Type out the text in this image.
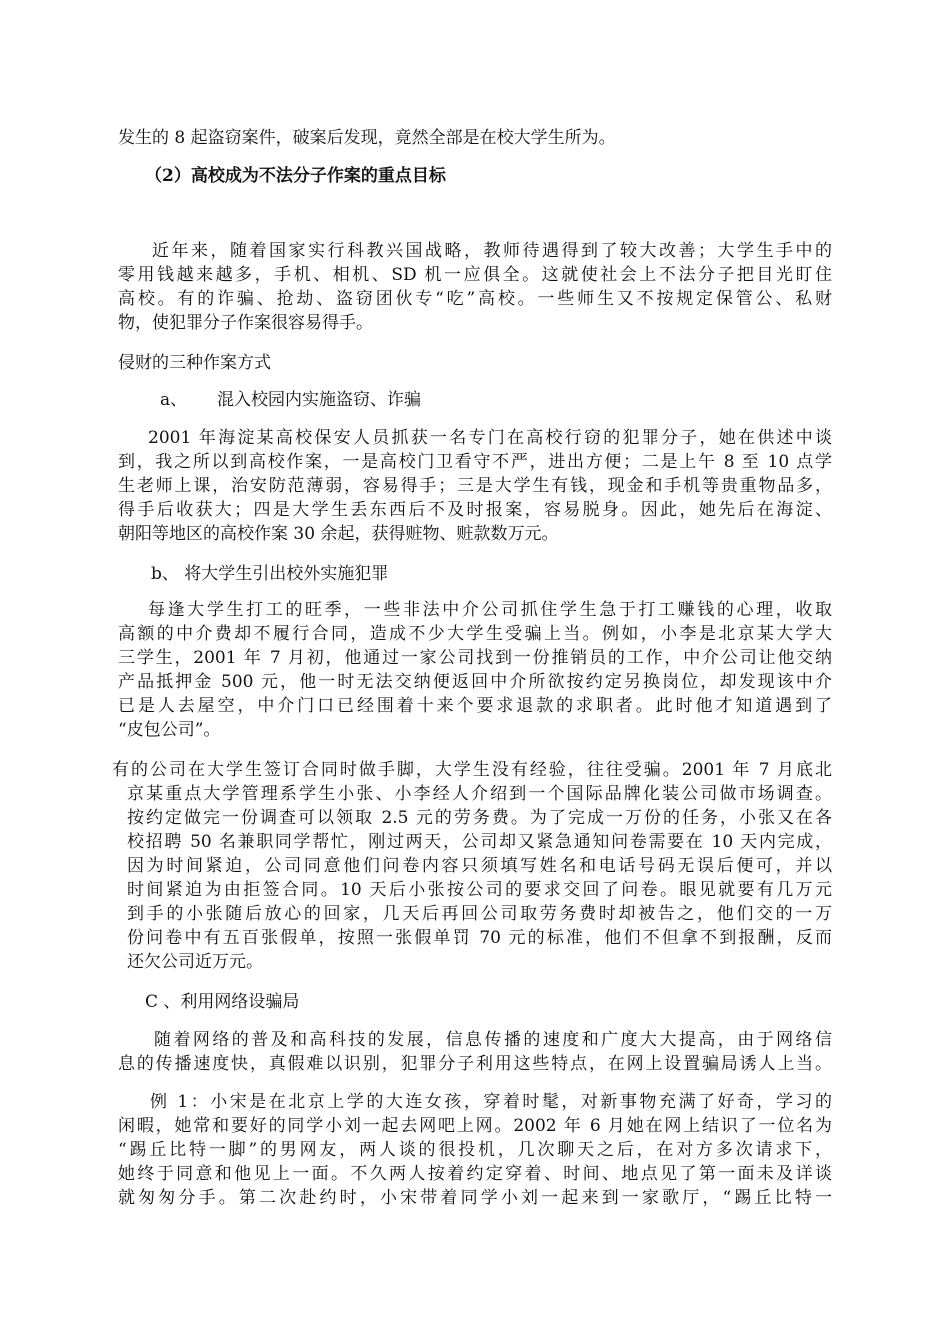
发生的 8 起盗窃案件，破案后发现，竟然全部是在校大学生所为。
（2）高校成为不法分子作案的重点目标
近年来，随着国家实行科教兴国战略，教师待遇得到了较大改善；大学生手中的
零用钱越来越多，手机、相机、SD 机一应俱全。这就使社会上不法分子把目光盯住
高校。有的诈骗、抢劫、盗窃团伙专“吃”高校。一些师生又不按规定保管公、私财
物，使犯罪分子作案很容易得手。
侵财的三种作案方式
a、 混入校园内实施盗窃、诈骗
2001 年海淀某高校保安人员抓获一名专门在高校行窃的犯罪分子，她在供述中谈
到，我之所以到高校作案，一是高校门卫看守不严，进出方便；二是上午 8 至 10 点学
生老师上课，治安防范薄弱，容易得手；三是大学生有钱，现金和手机等贵重物品多，
得手后收获大；四是大学生丢东西后不及时报案，容易脱身。因此，她先后在海淀、
朝阳等地区的高校作案 30 余起，获得赃物、赃款数万元。
b、 将大学生引出校外实施犯罪
每逢大学生打工的旺季，一些非法中介公司抓住学生急于打工赚钱的心理，收取
高额的中介费却不履行合同，造成不少大学生受骗上当。例如，小李是北京某大学大
三学生，2001 年 7 月初，他通过一家公司找到一份推销员的工作，中介公司让他交纳
产品抵押金 500 元，他一时无法交纳便返回中介所欲按约定另换岗位，却发现该中介
已是人去屋空，中介门口已经围着十来个要求退款的求职者。此时他才知道遇到了
“皮包公司”。
有的公司在大学生签订合同时做手脚，大学生没有经验，往往受骗。2001 年 7 月底北
京某重点大学管理系学生小张、小李经人介绍到一个国际品牌化装公司做市场调查。
按约定做完一份调查可以领取 2.5 元的劳务费。为了完成一万份的任务，小张又在各
校招聘 50 名兼职同学帮忙，刚过两天，公司却又紧急通知问卷需要在 10 天内完成，
因为时间紧迫，公司同意他们问卷内容只须填写姓名和电话号码无误后便可，并以
时间紧迫为由拒签合同。10 天后小张按公司的要求交回了问卷。眼见就要有几万元
到手的小张随后放心的回家，几天后再回公司取劳务费时却被告之，他们交的一万
份问卷中有五百张假单，按照一张假单罚 70 元的标准，他们不但拿不到报酬，反而
还欠公司近万元。
C 、利用网络设骗局
随着网络的普及和高科技的发展，信息传播的速度和广度大大提高，由于网络信
息的传播速度快，真假难以识别，犯罪分子利用这些特点，在网上设置骗局诱人上当。
例 1：小宋是在北京上学的大连女孩，穿着时髦，对新事物充满了好奇，学习的
闲暇，她常和要好的同学小刘一起去网吧上网。2002 年 6 月她在网上结识了一位名为
“踢丘比特一脚”的男网友，两人谈的很投机，几次聊天之后，在对方多次请求下，
她终于同意和他见上一面。不久两人按着约定穿着、时间、地点见了第一面未及详谈
就匆匆分手。第二次赴约时，小宋带着同学小刘一起来到一家歌厅，“踢丘比特一
